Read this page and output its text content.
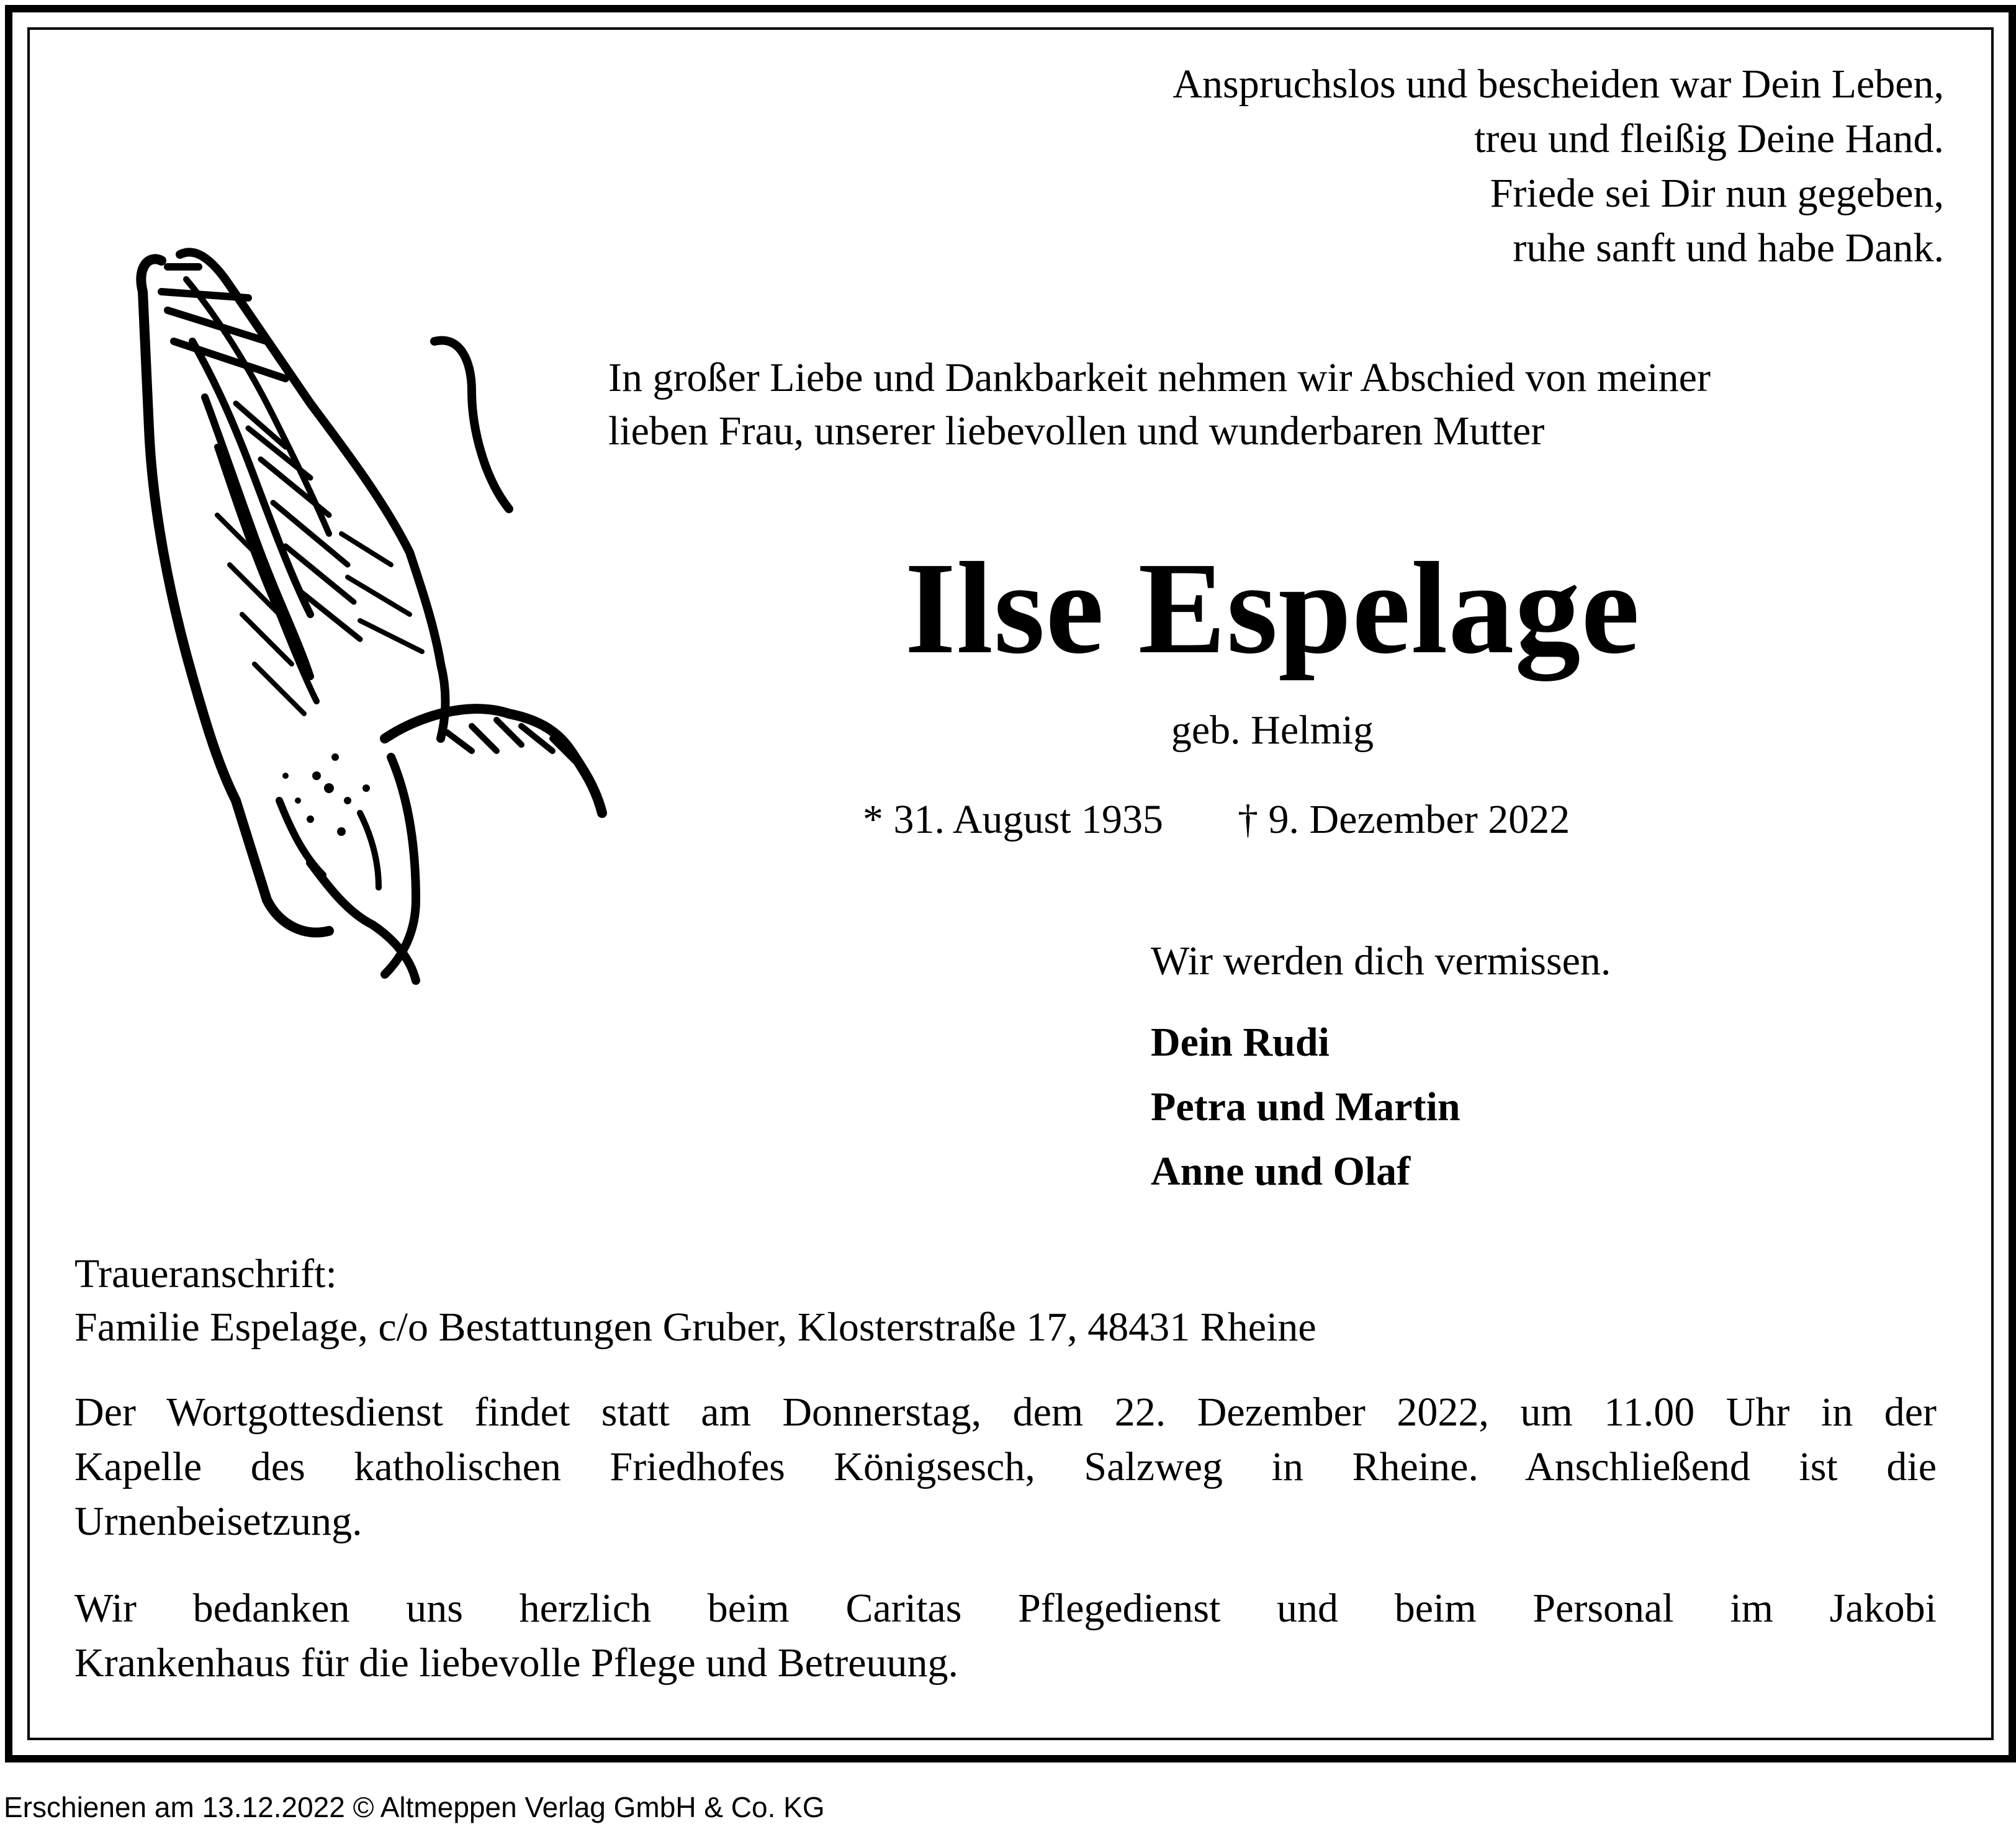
Anspruchslos und bescheiden war Dein Leben,
treu und fleißig Deine Hand.
Friede sei Dir nun gegeben,
ruhe sanft und habe Dank.
In großer Liebe und Dankbarkeit nehmen wir Abschied von meiner
lieben Frau, unserer liebevollen und wunderbaren Mutter
Ilse Espelage
geb. Helmig
* 31. August 1935 † 9. Dezember 2022
Wir werden dich vermissen.
Dein Rudi
Petra und Martin
Anne und Olaf
Traueranschrift:
Familie Espelage, c/o Bestattungen Gruber, Klosterstraße 17, 48431 Rheine
Der Wortgottesdienst findet statt am Donnerstag, dem 22. Dezember 2022, um 11.00 Uhr in der
Kapelle des katholischen Friedhofes Königsesch, Salzweg in Rheine. Anschließend ist die
Urnenbeisetzung.
Wir bedanken uns herzlich beim Caritas Pflegedienst und beim Personal im Jakobi
Krankenhaus für die liebevolle Pflege und Betreuung.
Erschienen am 13.12.2022 © Altmeppen Verlag GmbH & Co. KG
